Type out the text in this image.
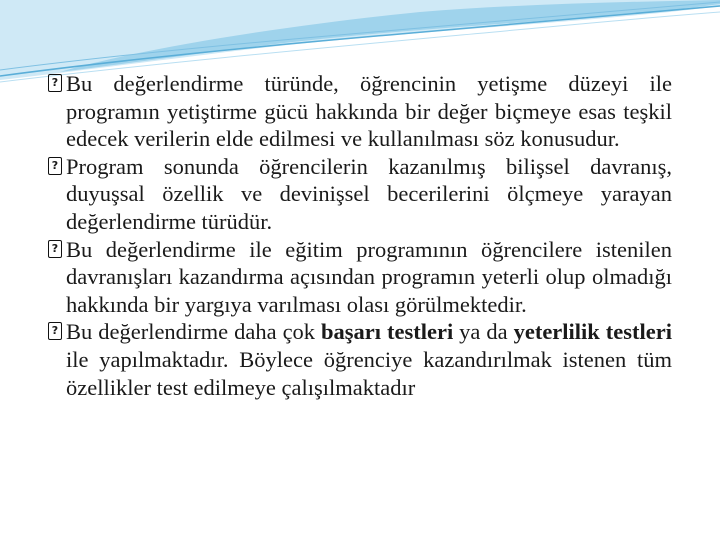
? Bu değerlendirme türünde, öğrencinin yetişme düzeyi ile programın yetiştirme gücü hakkında bir değer biçmeye esas teşkil edecek verilerin elde edilmesi ve kullanılması söz konusudur.

? Program sonunda öğrencilerin kazanılmış bilişsel davranış, duyuşsal özellik ve devinişsel becerilerini ölçmeye yarayan değerlendirme türüdür.

? Bu değerlendirme ile eğitim programının öğrencilere istenilen davranışları kazandırma açısından programın yeterli olup olmadığı hakkında bir yargıya varılması olası görülmektedir.

? Bu değerlendirme daha çok başarı testleri ya da yeterlilik testleri ile yapılmaktadır. Böylece öğrenciye kazandırılmak istenen tüm özellikler test edilmeye çalışılmaktadır
